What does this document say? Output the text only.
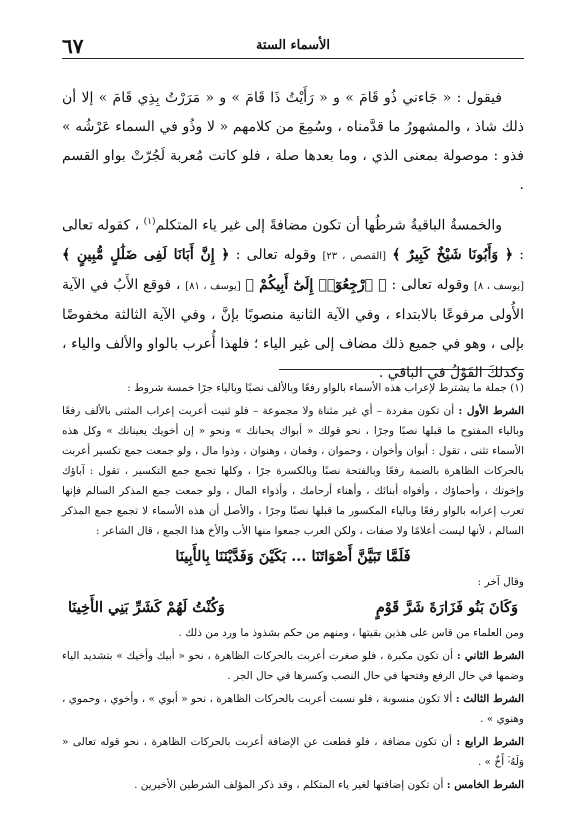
٦٧	الأسماء الستة

فيقول : « جَاءني ذُو قَامَ » و « رَأَيْتُ ذَا قَامَ » و « مَرَرْتُ بِذِي قَامَ » إلا أن ذلك شاذ ، والمشهورُ ما قدَّمناه ، وسُمِعَ من كلامهم « لا وذُو في السماء عَرْشُه » فذو : موصولة بمعنى الذي ، وما بعدها صلة ، فلو كانت مُعربة لَجُرّتْ بواو القسم .

والخمسةُ الباقيةُ شرطُها أن تكون مضافةً إلى غير ياء المتكلم$^{(١)}$ ، كقوله تعالى : ﴿ وَأَبُونَا شَيْخٌ كَبِيرٌ ﴾ [القصص ، ٢٣] وقوله تعالى : ﴿ إِنَّ أَبَانَا لَفِى ضَلَٰلٍ مُّبِينٍ ﴾ [يوسف ، ٨] وقوله تعالى : ﴿ ٱرْجِعُوٓا۟ إِلَىٰٓ أَبِيكُمْ ﴾ [يوسف ، ٨١] ، فوقع الأَبُ في الآية الأُولى مرفوعًا بالابتداء ، وفي الآية الثانية منصوبًا بإنَّ ، وفي الآية الثالثة مخفوضًا بإلى ، وهو في جميع ذلك مضاف إلى غير الياء ؛ فلهذا أُعرب بالواو والألف والياء ، وكذلكَ القَوْلُ في الباقي .

(١) جملة ما يشترط لإعراب هذه الأسماء بالواو رفعًا وبالألف نصبًا وبالياء جرًا خمسة شروط :

الشرط الأول : أن تكون مفردة – أي غير مثناة ولا مجموعة – فلو ثنيت أعربت إعراب المثنى بالألف رفعًا وبالياء المفتوح ما قبلها نصبًا وجرًا ، نحو قولك « أبواك يحبانك » ونحو « إن أخويك يعينانك » وكل هذه الأسماء تثنى ، تقول : أبوان وأخوان ، وحموان ، وفمان ، وهنوان ، وذوا مال ، ولو جمعت جمع تكسير أعربت بالحركات الظاهرة بالضمة رفعًا وبالفتحة نصبًا وبالكسرة جرًا ، وكلها تجمع جمع التكسير ، تقول : آباؤك وإخوتك ، وأحماؤك ، وأفواه أبنائك ، وأهناء أرحامك ، وأذواء المال ، ولو جمعت جمع المذكر السالم فإنها تعرب إعرابه بالواو رفعًا وبالياء المكسور ما قبلها نصبًا وجرًا ، والأصل أن هذه الأسماء لا تجمع جمع المذكر السالم ، لأنها ليست أعلامًا ولا صفات ، ولكن العرب جمعوا منها الأب والأخ هذا الجمع ، قال الشاعر :

فَلَمَّا تَبَيَّنَّ أَصْوَاتَنَا ... بَكَيْنَ وَفَدَّيْنَنَا بِالأَبِينَا

وقال آخر :

وَكَانَ بَنُو فَزَارَةَ شَرَّ قَوْمٍ
وَكُنْتُ لَهُمْ كَشَرِّ بَنِي الأَخِينَا

ومن العلماء من قاس على هذين بقيتها ، ومنهم من حكم بشذوذ ما ورد من ذلك .

الشرط الثاني : أن تكون مكبرة ، فلو صغرت أعربت بالحركات الظاهرة ، نحو « أبيك وأخيك » بتشديد الياء وضمها في حال الرفع وفتحها في حال النصب وكسرها في حال الجر .

الشرط الثالث : ألا تكون منسوبة ، فلو نسبت أعربت بالحركات الظاهرة ، نحو « أبوي » ، وأخوي ، وحموي ، وهنوي » .

الشرط الرابع : أن تكون مضافة ، فلو قطعت عن الإضافة أعربت بالحركات الظاهرة ، نحو قوله تعالى « وَلَهُۥٓ أَخٌ » .

الشرط الخامس : أن تكون إضافتها لغير ياء المتكلم ، وقد ذكر المؤلف الشرطين الأخيرين .
